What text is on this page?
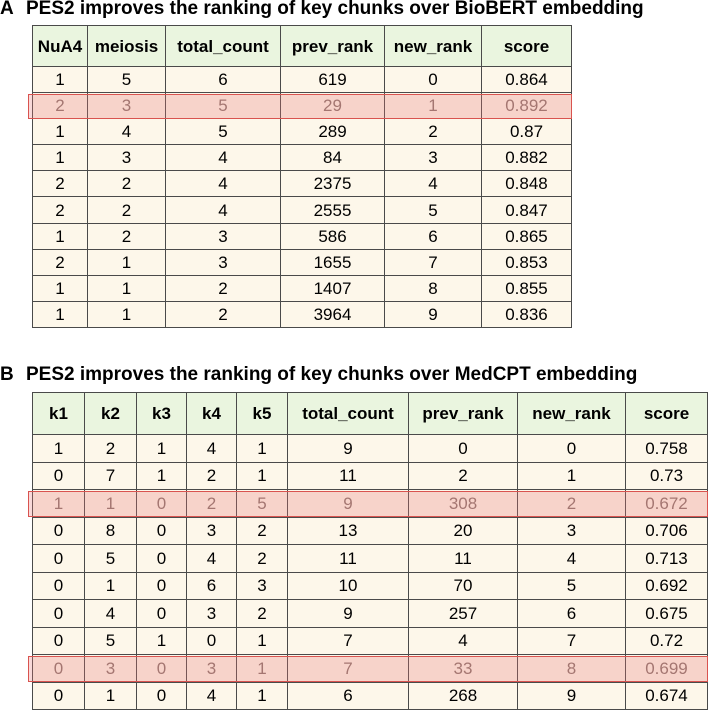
A PES2 improves the ranking of key chunks over BioBERT embedding
NuA4	meiosis	total_count	prev_rank	new_rank	score
1	5	6	619	0	0.864
2	3	5	29	1	0.892
1	4	5	289	2	0.87
1	3	4	84	3	0.882
2	2	4	2375	4	0.848
2	2	4	2555	5	0.847
1	2	3	586	6	0.865
2	1	3	1655	7	0.853
1	1	2	1407	8	0.855
1	1	2	3964	9	0.836
B PES2 improves the ranking of key chunks over MedCPT embedding
k1	k2	k3	k4	k5	total_count	prev_rank	new_rank	score
1	2	1	4	1	9	0	0	0.758
0	7	1	2	1	11	2	1	0.73
1	1	0	2	5	9	308	2	0.672
0	8	0	3	2	13	20	3	0.706
0	5	0	4	2	11	11	4	0.713
0	1	0	6	3	10	70	5	0.692
0	4	0	3	2	9	257	6	0.675
0	5	1	0	1	7	4	7	0.72
0	3	0	3	1	7	33	8	0.699
0	1	0	4	1	6	268	9	0.674
